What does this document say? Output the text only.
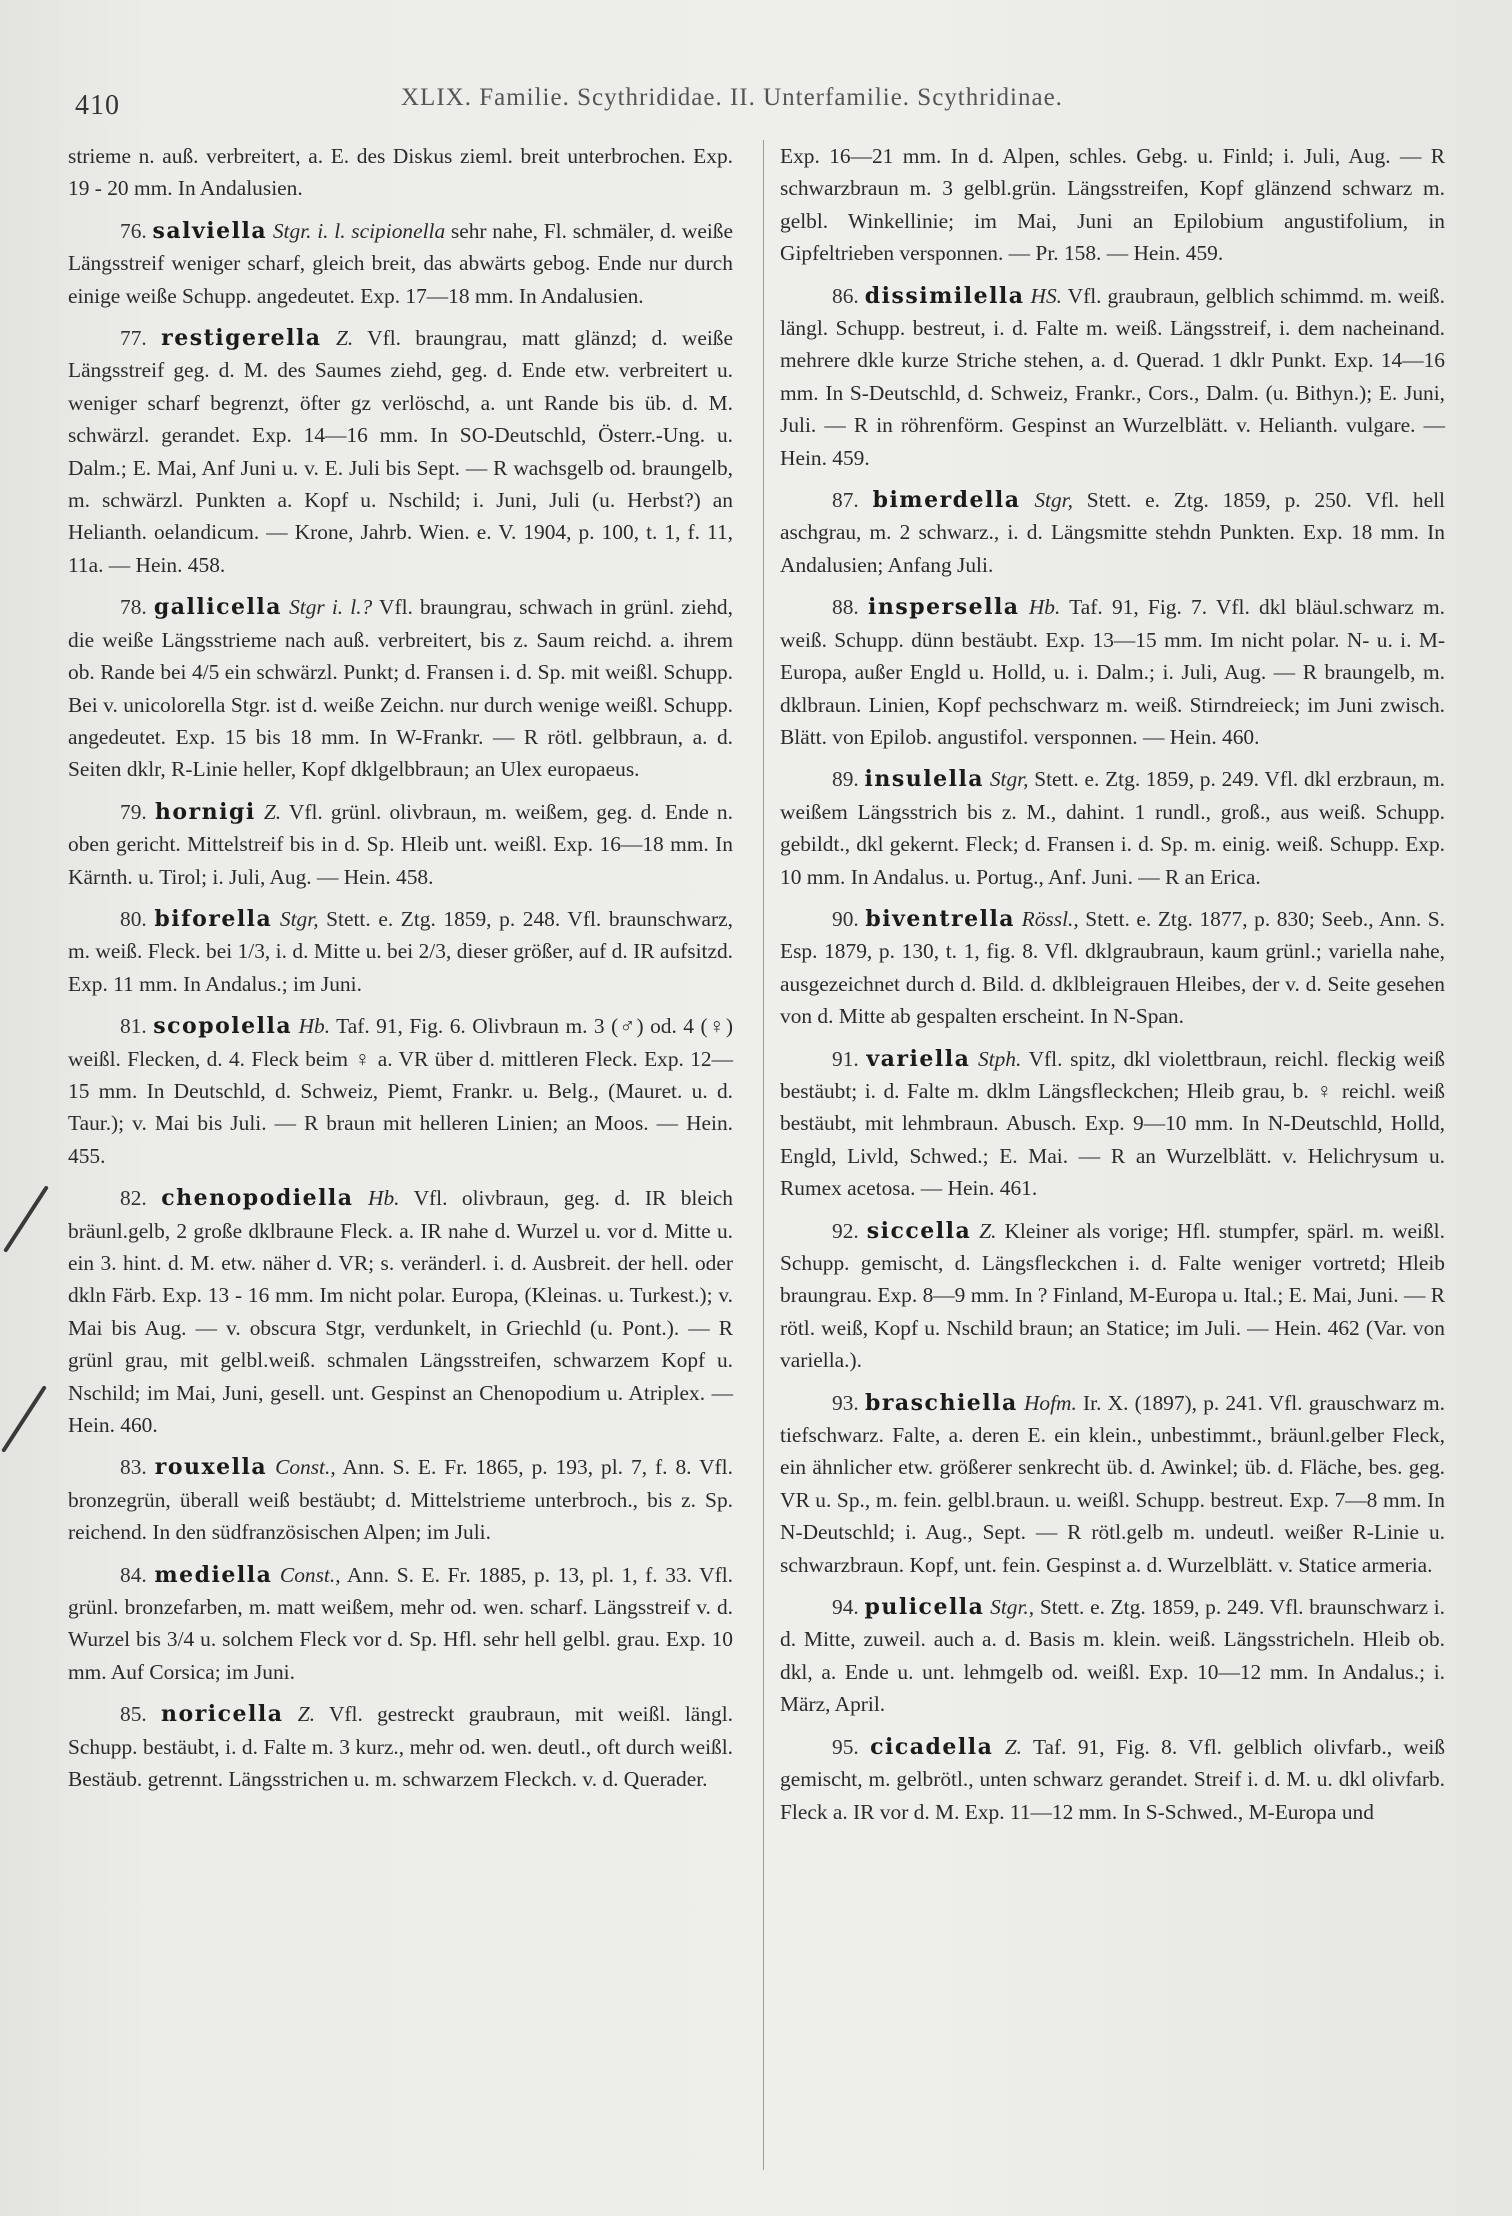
410	XLIX. Familie. Scythrididae. II. Unterfamilie. Scythridinae.

strieme n. auß. verbreitert, a. E. des Diskus zieml. breit unterbrochen. Exp. 19 - 20 mm. In Andalusien.

76. salviella Stgr. i. l. scipionella sehr nahe, Fl. schmäler, d. weiße Längsstreif weniger scharf, gleich breit, das abwärts gebog. Ende nur durch einige weiße Schupp. angedeutet. Exp. 17—18 mm. In Andalusien.

77. restigerella Z. Vfl. braungrau, matt glänzd; d. weiße Längsstreif geg. d. M. des Saumes ziehd, geg. d. Ende etw. verbreitert u. weniger scharf begrenzt, öfter gz verlöschd, a. unt Rande bis üb. d. M. schwärzl. gerandet. Exp. 14—16 mm. In SO-Deutschld, Österr.-Ung. u. Dalm.; E. Mai, Anf Juni u. v. E. Juli bis Sept. — R wachsgelb od. braungelb, m. schwärzl. Punkten a. Kopf u. Nschild; i. Juni, Juli (u. Herbst?) an Helianth. oelandicum. — Krone, Jahrb. Wien. e. V. 1904, p. 100, t. 1, f. 11, 11a. — Hein. 458.

78. gallicella Stgr i. l.? Vfl. braungrau, schwach in grünl. ziehd, die weiße Längsstrieme nach auß. verbreitert, bis z. Saum reichd. a. ihrem ob. Rande bei 4/5 ein schwärzl. Punkt; d. Fransen i. d. Sp. mit weißl. Schupp. Bei v. unicolorella Stgr. ist d. weiße Zeichn. nur durch wenige weißl. Schupp. angedeutet. Exp. 15 bis 18 mm. In W-Frankr. — R rötl. gelbbraun, a. d. Seiten dklr, R-Linie heller, Kopf dklgelbbraun; an Ulex europaeus.

79. hornigi Z. Vfl. grünl. olivbraun, m. weißem, geg. d. Ende n. oben gericht. Mittelstreif bis in d. Sp. Hleib unt. weißl. Exp. 16—18 mm. In Kärnth. u. Tirol; i. Juli, Aug. — Hein. 458.

80. biforella Stgr, Stett. e. Ztg. 1859, p. 248. Vfl. braunschwarz, m. weiß. Fleck. bei 1/3, i. d. Mitte u. bei 2/3, dieser größer, auf d. IR aufsitzd. Exp. 11 mm. In Andalus.; im Juni.

81. scopolella Hb. Taf. 91, Fig. 6. Olivbraun m. 3 (♂) od. 4 (♀) weißl. Flecken, d. 4. Fleck beim ♀ a. VR über d. mittleren Fleck. Exp. 12—15 mm. In Deutschld, d. Schweiz, Piemt, Frankr. u. Belg., (Mauret. u. d. Taur.); v. Mai bis Juli. — R braun mit helleren Linien; an Moos. — Hein. 455.

82. chenopodiella Hb. Vfl. olivbraun, geg. d. IR bleich bräunl.gelb, 2 große dklbraune Fleck. a. IR nahe d. Wurzel u. vor d. Mitte u. ein 3. hint. d. M. etw. näher d. VR; s. veränderl. i. d. Ausbreit. der hell. oder dkln Färb. Exp. 13 - 16 mm. Im nicht polar. Europa, (Kleinas. u. Turkest.); v. Mai bis Aug. — v. obscura Stgr, verdunkelt, in Griechld (u. Pont.). — R grünl grau, mit gelbl.weiß. schmalen Längsstreifen, schwarzem Kopf u. Nschild; im Mai, Juni, gesell. unt. Gespinst an Chenopodium u. Atriplex. — Hein. 460.

83. rouxella Const., Ann. S. E. Fr. 1865, p. 193, pl. 7, f. 8. Vfl. bronzegrün, überall weiß bestäubt; d. Mittelstrieme unterbroch., bis z. Sp. reichend. In den südfranzösischen Alpen; im Juli.

84. mediella Const., Ann. S. E. Fr. 1885, p. 13, pl. 1, f. 33. Vfl. grünl. bronzefarben, m. matt weißem, mehr od. wen. scharf. Längsstreif v. d. Wurzel bis 3/4 u. solchem Fleck vor d. Sp. Hfl. sehr hell gelbl. grau. Exp. 10 mm. Auf Corsica; im Juni.

85. noricella Z. Vfl. gestreckt graubraun, mit weißl. längl. Schupp. bestäubt, i. d. Falte m. 3 kurz., mehr od. wen. deutl., oft durch weißl. Bestäub. getrennt. Längsstrichen u. m. schwarzem Fleckch. v. d. Querader.

Exp. 16—21 mm. In d. Alpen, schles. Gebg. u. Finld; i. Juli, Aug. — R schwarzbraun m. 3 gelbl.grün. Längsstreifen, Kopf glänzend schwarz m. gelbl. Winkellinie; im Mai, Juni an Epilobium angustifolium, in Gipfeltrieben versponnen. — Pr. 158. — Hein. 459.

86. dissimilella HS. Vfl. graubraun, gelblich schimmd. m. weiß. längl. Schupp. bestreut, i. d. Falte m. weiß. Längsstreif, i. dem nacheinand. mehrere dkle kurze Striche stehen, a. d. Querad. 1 dklr Punkt. Exp. 14—16 mm. In S-Deutschld, d. Schweiz, Frankr., Cors., Dalm. (u. Bithyn.); E. Juni, Juli. — R in röhrenförm. Gespinst an Wurzelblätt. v. Helianth. vulgare. — Hein. 459.

87. bimerdella Stgr, Stett. e. Ztg. 1859, p. 250. Vfl. hell aschgrau, m. 2 schwarz., i. d. Längsmitte stehdn Punkten. Exp. 18 mm. In Andalusien; Anfang Juli.

88. inspersella Hb. Taf. 91, Fig. 7. Vfl. dkl bläul.schwarz m. weiß. Schupp. dünn bestäubt. Exp. 13—15 mm. Im nicht polar. N- u. i. M-Europa, außer Engld u. Holld, u. i. Dalm.; i. Juli, Aug. — R braungelb, m. dklbraun. Linien, Kopf pechschwarz m. weiß. Stirndreieck; im Juni zwisch. Blätt. von Epilob. angustifol. versponnen. — Hein. 460.

89. insulella Stgr, Stett. e. Ztg. 1859, p. 249. Vfl. dkl erzbraun, m. weißem Längsstrich bis z. M., dahint. 1 rundl., groß., aus weiß. Schupp. gebildt., dkl gekernt. Fleck; d. Fransen i. d. Sp. m. einig. weiß. Schupp. Exp. 10 mm. In Andalus. u. Portug., Anf. Juni. — R an Erica.

90. biventrella Rössl., Stett. e. Ztg. 1877, p. 830; Seeb., Ann. S. Esp. 1879, p. 130, t. 1, fig. 8. Vfl. dklgraubraun, kaum grünl.; variella nahe, ausgezeichnet durch d. Bild. d. dklbleigrauen Hleibes, der v. d. Seite gesehen von d. Mitte ab gespalten erscheint. In N-Span.

91. variella Stph. Vfl. spitz, dkl violettbraun, reichl. fleckig weiß bestäubt; i. d. Falte m. dklm Längsfleckchen; Hleib grau, b. ♀ reichl. weiß bestäubt, mit lehmbraun. Abusch. Exp. 9—10 mm. In N-Deutschld, Holld, Engld, Livld, Schwed.; E. Mai. — R an Wurzelblätt. v. Helichrysum u. Rumex acetosa. — Hein. 461.

92. siccella Z. Kleiner als vorige; Hfl. stumpfer, spärl. m. weißl. Schupp. gemischt, d. Längsfleckchen i. d. Falte weniger vortretd; Hleib braungrau. Exp. 8—9 mm. In ? Finland, M-Europa u. Ital.; E. Mai, Juni. — R rötl. weiß, Kopf u. Nschild braun; an Statice; im Juli. — Hein. 462 (Var. von variella.).

93. braschiella Hofm. Ir. X. (1897), p. 241. Vfl. grauschwarz m. tiefschwarz. Falte, a. deren E. ein klein., unbestimmt., bräunl.gelber Fleck, ein ähnlicher etw. größerer senkrecht üb. d. Awinkel; üb. d. Fläche, bes. geg. VR u. Sp., m. fein. gelbl.braun. u. weißl. Schupp. bestreut. Exp. 7—8 mm. In N-Deutschld; i. Aug., Sept. — R rötl.gelb m. undeutl. weißer R-Linie u. schwarzbraun. Kopf, unt. fein. Gespinst a. d. Wurzelblätt. v. Statice armeria.

94. pulicella Stgr., Stett. e. Ztg. 1859, p. 249. Vfl. braunschwarz i. d. Mitte, zuweil. auch a. d. Basis m. klein. weiß. Längsstricheln. Hleib ob. dkl, a. Ende u. unt. lehmgelb od. weißl. Exp. 10—12 mm. In Andalus.; i. März, April.

95. cicadella Z. Taf. 91, Fig. 8. Vfl. gelblich olivfarb., weiß gemischt, m. gelbrötl., unten schwarz gerandet. Streif i. d. M. u. dkl olivfarb. Fleck a. IR vor d. M. Exp. 11—12 mm. In S-Schwed., M-Europa und
